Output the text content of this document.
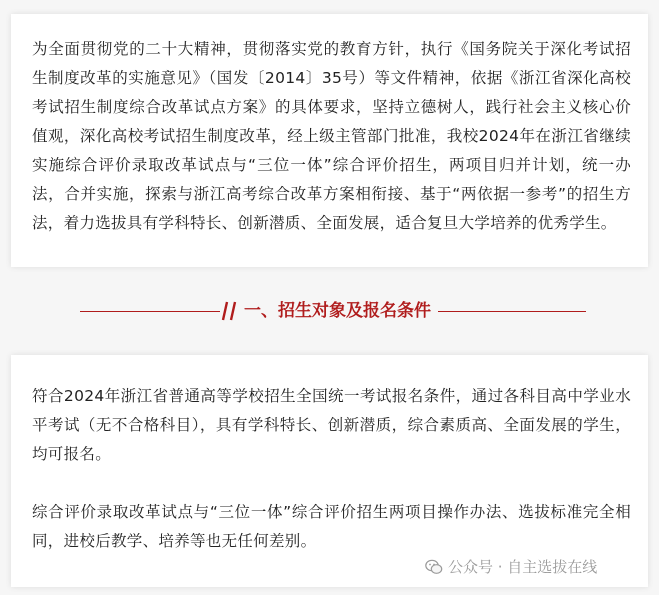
为全面贯彻党的二十大精神，贯彻落实党的教育方针，执行《国务院关于深化考试招生制度改革的实施意见》（国发〔2014〕35号）等文件精神，依据《浙江省深化高校考试招生制度综合改革试点方案》的具体要求，坚持立德树人，践行社会主义核心价值观，深化高校考试招生制度改革，经上级主管部门批准，我校2024年在浙江省继续实施综合评价录取改革试点与“三位一体”综合评价招生，两项目归并计划，统一办法，合并实施，探索与浙江高考综合改革方案相衔接、基于“两依据一参考”的招生方法，着力选拔具有学科特长、创新潜质、全面发展，适合复旦大学培养的优秀学生。

一、招生对象及报名条件

符合2024年浙江省普通高等学校招生全国统一考试报名条件，通过各科目高中学业水平考试（无不合格科目），具有学科特长、创新潜质，综合素质高、全面发展的学生，均可报名。

综合评价录取改革试点与“三位一体”综合评价招生两项目操作办法、选拔标准完全相同，进校后教学、培养等也无任何差别。

公众号 · 自主选拔在线
